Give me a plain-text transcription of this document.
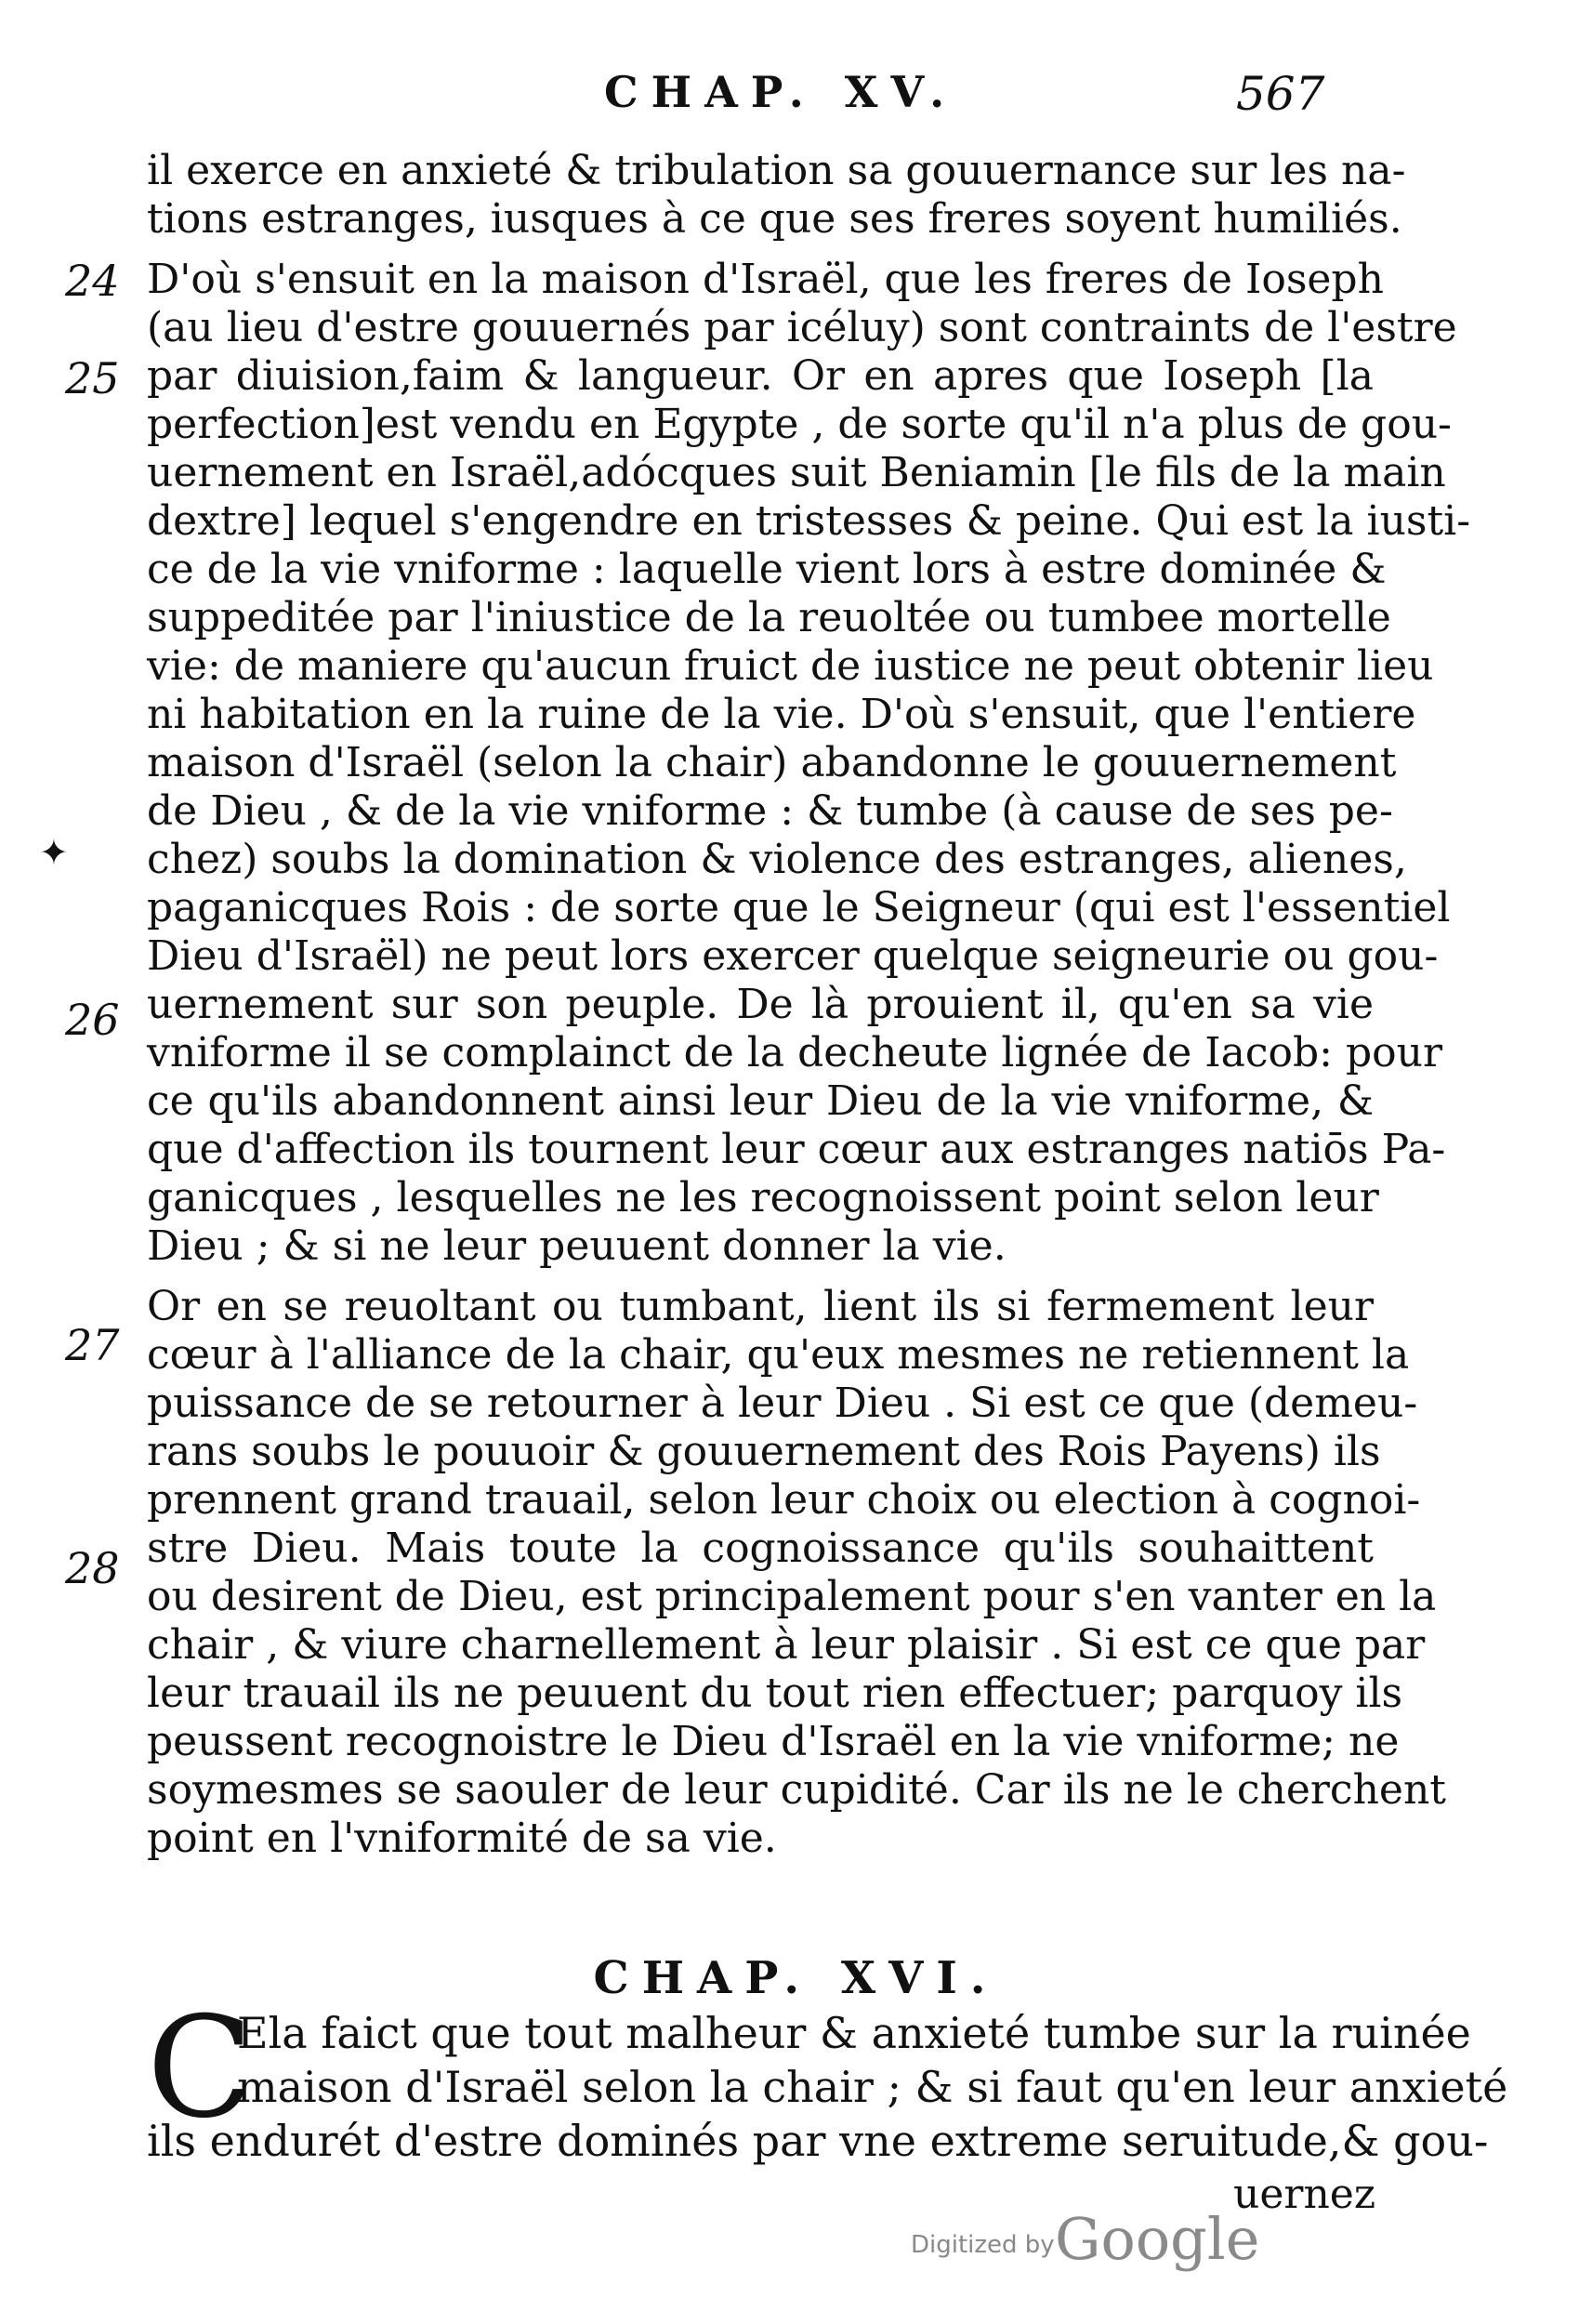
CHAP. XV.	567
✦
24
25
26
27
28
il exerce en anxieté & tribulation sa gouuernance sur les na-
tions estranges, iusques à ce que ses freres soyent humiliés.
D'où s'ensuit en la maison d'Israël, que les freres de Ioseph
(au lieu d'estre gouuernés par icéluy) sont contraints de l'estre
par diuision,faim & langueur. Or en apres que Ioseph [la
perfection]est vendu en Egypte , de sorte qu'il n'a plus de gou-
uernement en Israël,adócques suit Beniamin [le fils de la main
dextre] lequel s'engendre en tristesses & peine. Qui est la iusti-
ce de la vie vniforme : laquelle vient lors à estre dominée &
suppeditée par l'iniustice de la reuoltée ou tumbee mortelle
vie: de maniere qu'aucun fruict de iustice ne peut obtenir lieu
ni habitation en la ruine de la vie. D'où s'ensuit, que l'entiere
maison d'Israël (selon la chair) abandonne le gouuernement
de Dieu , & de la vie vniforme : & tumbe (à cause de ses pe-
chez) soubs la domination & violence des estranges, alienes,
paganicques Rois : de sorte que le Seigneur (qui est l'essentiel
Dieu d'Israël) ne peut lors exercer quelque seigneurie ou gou-
uernement sur son peuple. De là prouient il, qu'en sa vie
vniforme il se complainct de la decheute lignée de Iacob: pour
ce qu'ils abandonnent ainsi leur Dieu de la vie vniforme, &
que d'affection ils tournent leur cœur aux estranges natiōs Pa-
ganicques , lesquelles ne les recognoissent point selon leur
Dieu ; & si ne leur peuuent donner la vie.
Or en se reuoltant ou tumbant, lient ils si fermement leur
cœur à l'alliance de la chair, qu'eux mesmes ne retiennent la
puissance de se retourner à leur Dieu . Si est ce que (demeu-
rans soubs le pouuoir & gouuernement des Rois Payens) ils
prennent grand trauail, selon leur choix ou election à cognoi-
stre Dieu. Mais toute la cognoissance qu'ils souhaittent
ou desirent de Dieu, est principalement pour s'en vanter en la
chair , & viure charnellement à leur plaisir . Si est ce que par
leur trauail ils ne peuuent du tout rien effectuer; parquoy ils
peussent recognoistre le Dieu d'Israël en la vie vniforme; ne
soymesmes se saouler de leur cupidité. Car ils ne le cherchent
point en l'vniformité de sa vie.
CHAP. XVI.
C
Ela faict que tout malheur & anxieté tumbe sur la ruinée
maison d'Israël selon la chair ; & si faut qu'en leur anxieté
ils endurét d'estre dominés par vne extreme seruitude,& gou-
uernez
Digitized by Google
